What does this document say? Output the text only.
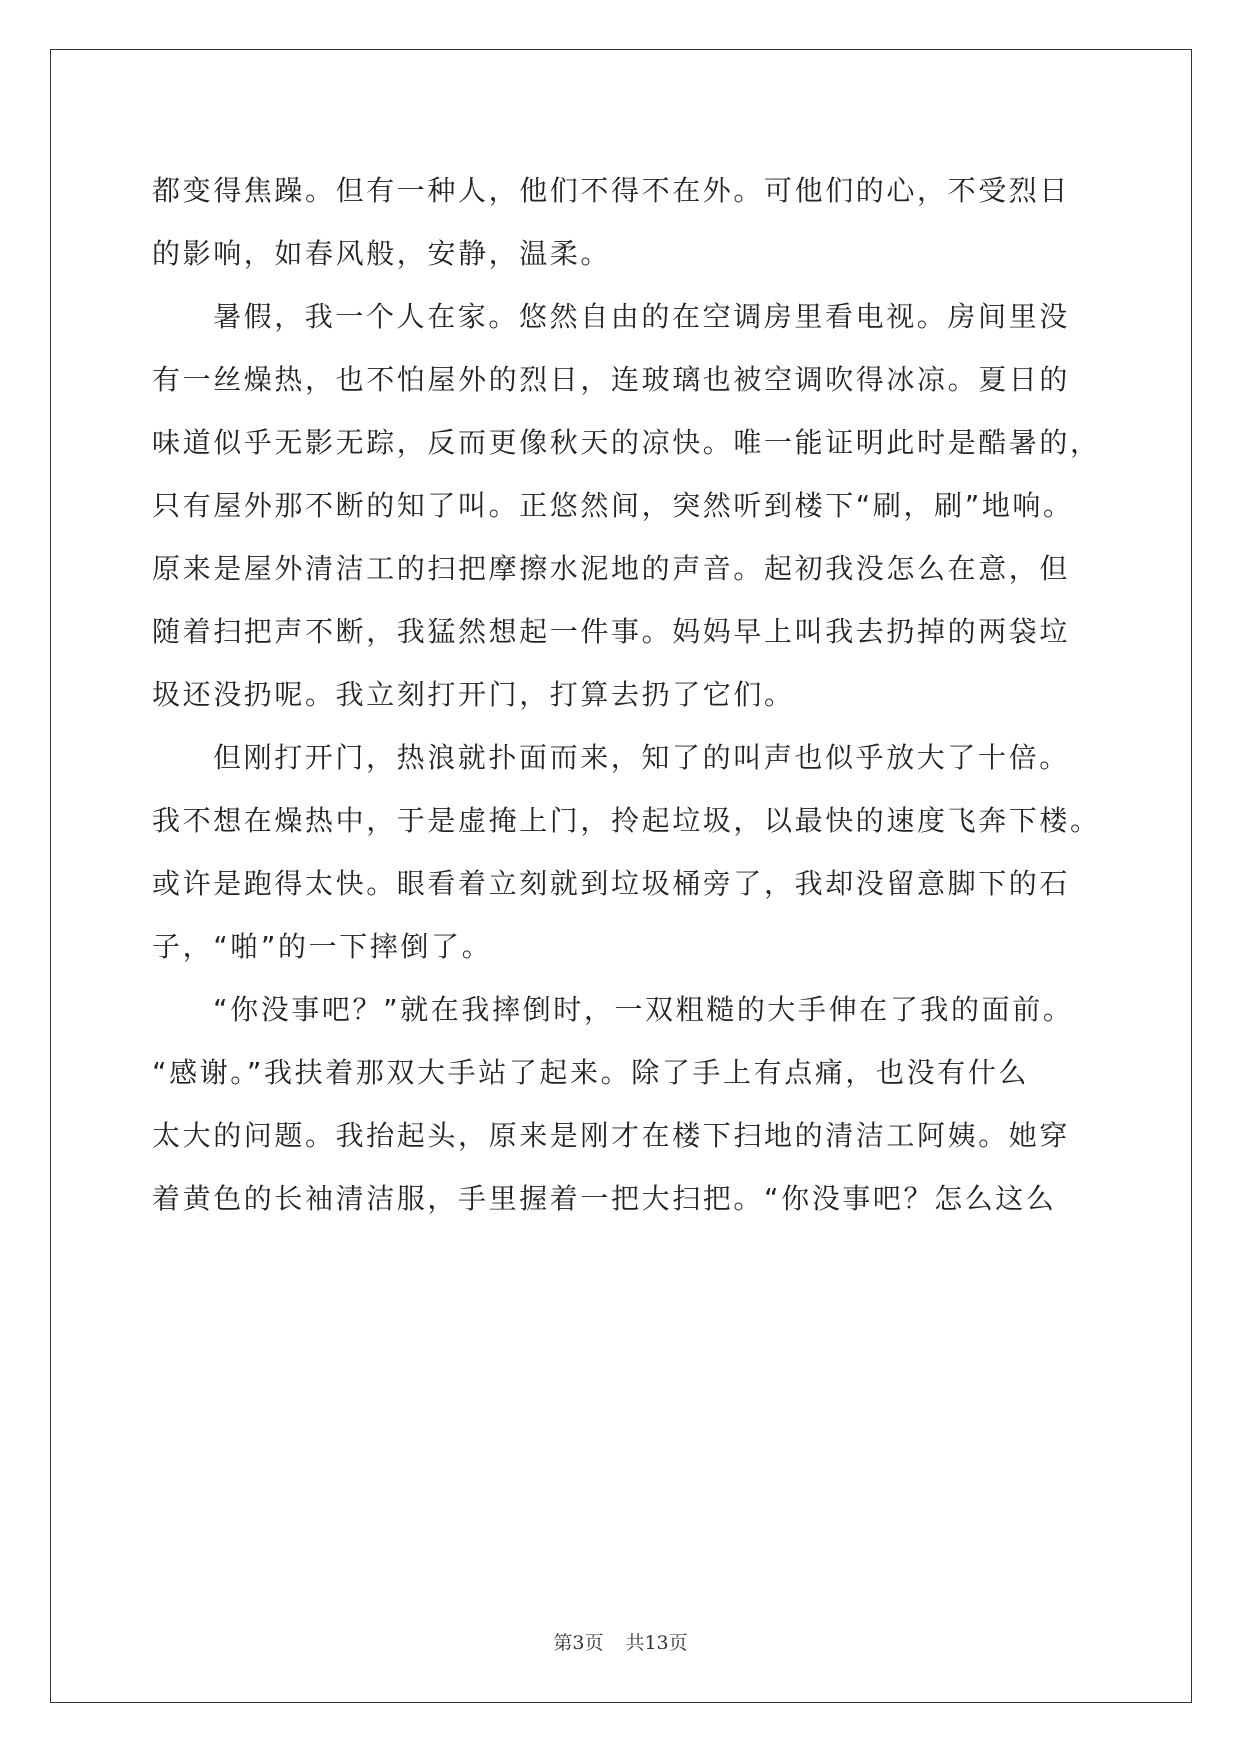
都变得焦躁。但有一种人，他们不得不在外。可他们的心，不受烈日
的影响，如春风般，安静，温柔。
暑假，我一个人在家。悠然自由的在空调房里看电视。房间里没
有一丝燥热，也不怕屋外的烈日，连玻璃也被空调吹得冰凉。夏日的
味道似乎无影无踪，反而更像秋天的凉快。唯一能证明此时是酷暑的，
只有屋外那不断的知了叫。正悠然间，突然听到楼下“刷，刷”地响。
原来是屋外清洁工的扫把摩擦水泥地的声音。起初我没怎么在意，但
随着扫把声不断，我猛然想起一件事。妈妈早上叫我去扔掉的两袋垃
圾还没扔呢。我立刻打开门，打算去扔了它们。
但刚打开门，热浪就扑面而来，知了的叫声也似乎放大了十倍。
我不想在燥热中，于是虚掩上门，拎起垃圾，以最快的速度飞奔下楼。
或许是跑得太快。眼看着立刻就到垃圾桶旁了，我却没留意脚下的石
子，“啪”的一下摔倒了。
“你没事吧？”就在我摔倒时，一双粗糙的大手伸在了我的面前。
“感谢。”我扶着那双大手站了起来。除了手上有点痛，也没有什么
太大的问题。我抬起头，原来是刚才在楼下扫地的清洁工阿姨。她穿
着黄色的长袖清洁服，手里握着一把大扫把。“你没事吧？怎么这么
第3页 共13页
